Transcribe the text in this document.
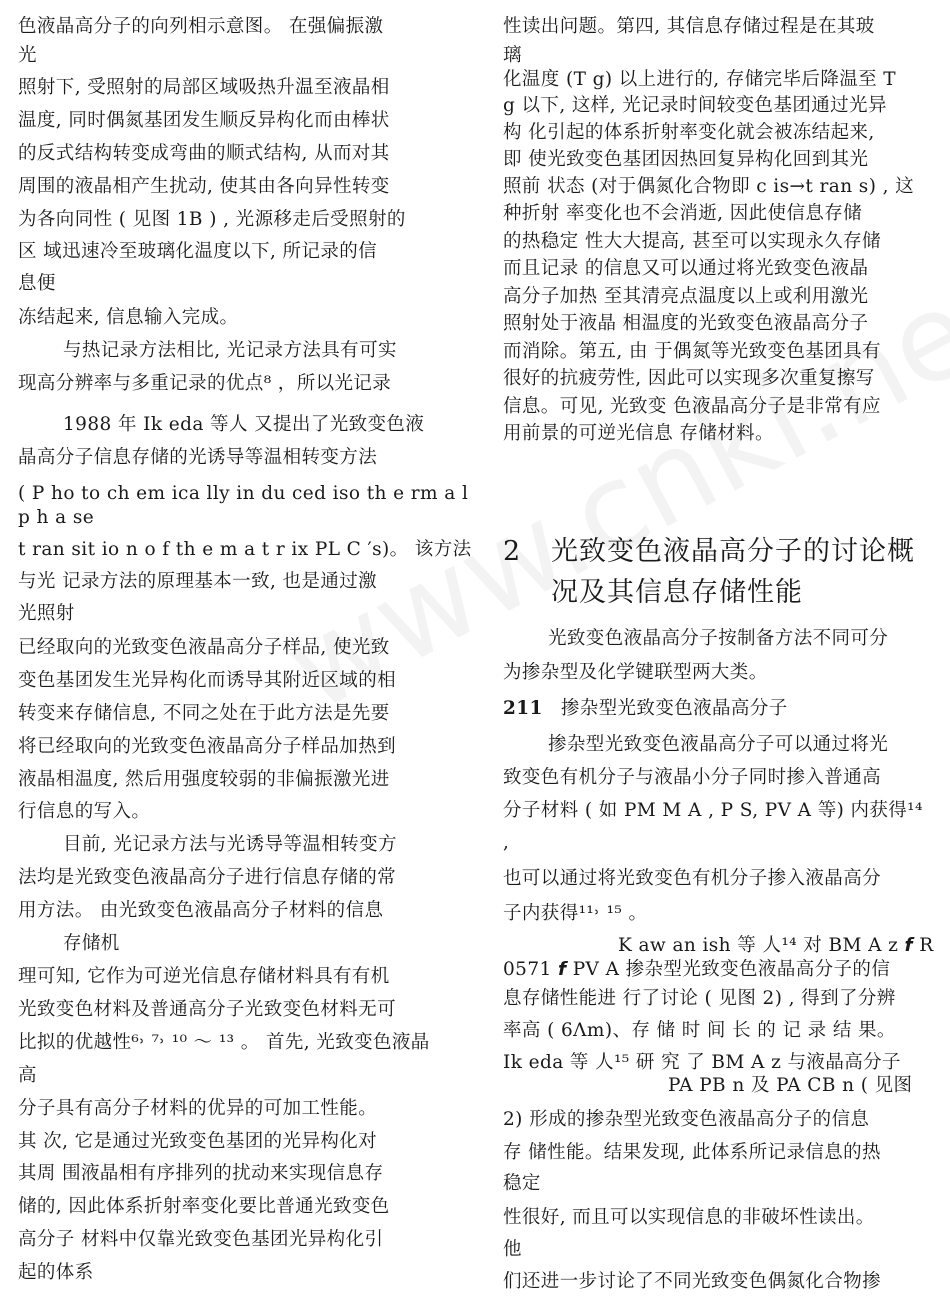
色液晶高分子的向列相示意图。 在强偏振激
光
照射下, 受照射的局部区域吸热升温至液晶相
温度, 同时偶氮基团发生顺反异构化而由棒状
的反式结构转变成弯曲的顺式结构, 从而对其
周围的液晶相产生扰动, 使其由各向异性转变
为各向同性 ( 见图 1B ) , 光源移走后受照射的
区 域迅速冷至玻璃化温度以下, 所记录的信
息便
冻结起来, 信息输入完成。
与热记录方法相比, 光记录方法具有可实
现高分辨率与多重记录的优点⁸ ，所以光记录
1988 年 Ik eda 等人 又提出了光致变色液
晶高分子信息存储的光诱导等温相转变方法
( P ho to ch em ica lly in du ced iso th e rm a l
p h a se
t ran sit io n o f th e m a t r ix PL C ′s)。 该方法
与光 记录方法的原理基本一致, 也是通过激
光照射
已经取向的光致变色液晶高分子样品, 使光致
变色基团发生光异构化而诱导其附近区域的相
转变来存储信息, 不同之处在于此方法是先要
将已经取向的光致变色液晶高分子样品加热到
液晶相温度, 然后用强度较弱的非偏振激光进
行信息的写入。
目前, 光记录方法与光诱导等温相转变方
法均是光致变色液晶高分子进行信息存储的常
用方法。 由光致变色液晶高分子材料的信息
存储机
理可知, 它作为可逆光信息存储材料具有有机
光致变色材料及普通高分子光致变色材料无可
比拟的优越性⁶˒ ⁷˒ ¹⁰ ～ ¹³ 。 首先, 光致变色液晶
高
分子具有高分子材料的优异的可加工性能。
其 次, 它是通过光致变色基团的光异构化对
其周 围液晶相有序排列的扰动来实现信息存
储的, 因此体系折射率变化要比普通光致变色
高分子 材料中仅靠光致变色基团光异构化引
起的体系
性读出问题。第四, 其信息存储过程是在其玻
璃
化温度 (T g) 以上进行的, 存储完毕后降温至 T
g 以下, 这样, 光记录时间较变色基团通过光异
构 化引起的体系折射率变化就会被冻结起来,
即 使光致变色基团因热回复异构化回到其光
照前 状态 (对于偶氮化合物即 c is→t ran s) , 这
种折射 率变化也不会消逝, 因此使信息存储
的热稳定 性大大提高, 甚至可以实现永久存储
而且记录 的信息又可以通过将光致变色液晶
高分子加热 至其清亮点温度以上或利用激光
照射处于液晶 相温度的光致变色液晶高分子
而消除。第五, 由 于偶氮等光致变色基团具有
很好的抗疲劳性, 因此可以实现多次重复擦写
信息。可见, 光致变 色液晶高分子是非常有应
用前景的可逆光信息 存储材料。
2 光致变色液晶高分子的讨论概
况及其信息存储性能
光致变色液晶高分子按制备方法不同可分
为掺杂型及化学键联型两大类。
211 掺杂型光致变色液晶高分子
掺杂型光致变色液晶高分子可以通过将光
致变色有机分子与液晶小分子同时掺入普通高
分子材料 ( 如 PM M A , P S, PV A 等) 内获得¹⁴
,
也可以通过将光致变色有机分子掺入液晶高分
子内获得¹¹˒ ¹⁵ 。
K aw an ish 等 人¹⁴ 对 BM A z 𝙛 R
0571 𝙛 PV A 掺杂型光致变色液晶高分子的信
息存储性能进 行了讨论 ( 见图 2) , 得到了分辨
率高 ( 6Λm)、存 储 时 间 长 的 记 录 结 果。
Ik eda 等 人¹⁵ 研 究 了 BM A z 与液晶高分子
PA PB n 及 PA CB n ( 见图
2) 形成的掺杂型光致变色液晶高分子的信息
存 储性能。结果发现, 此体系所记录信息的热
稳定
性很好, 而且可以实现信息的非破坏性读出。
他
们还进一步讨论了不同光致变色偶氮化合物掺
